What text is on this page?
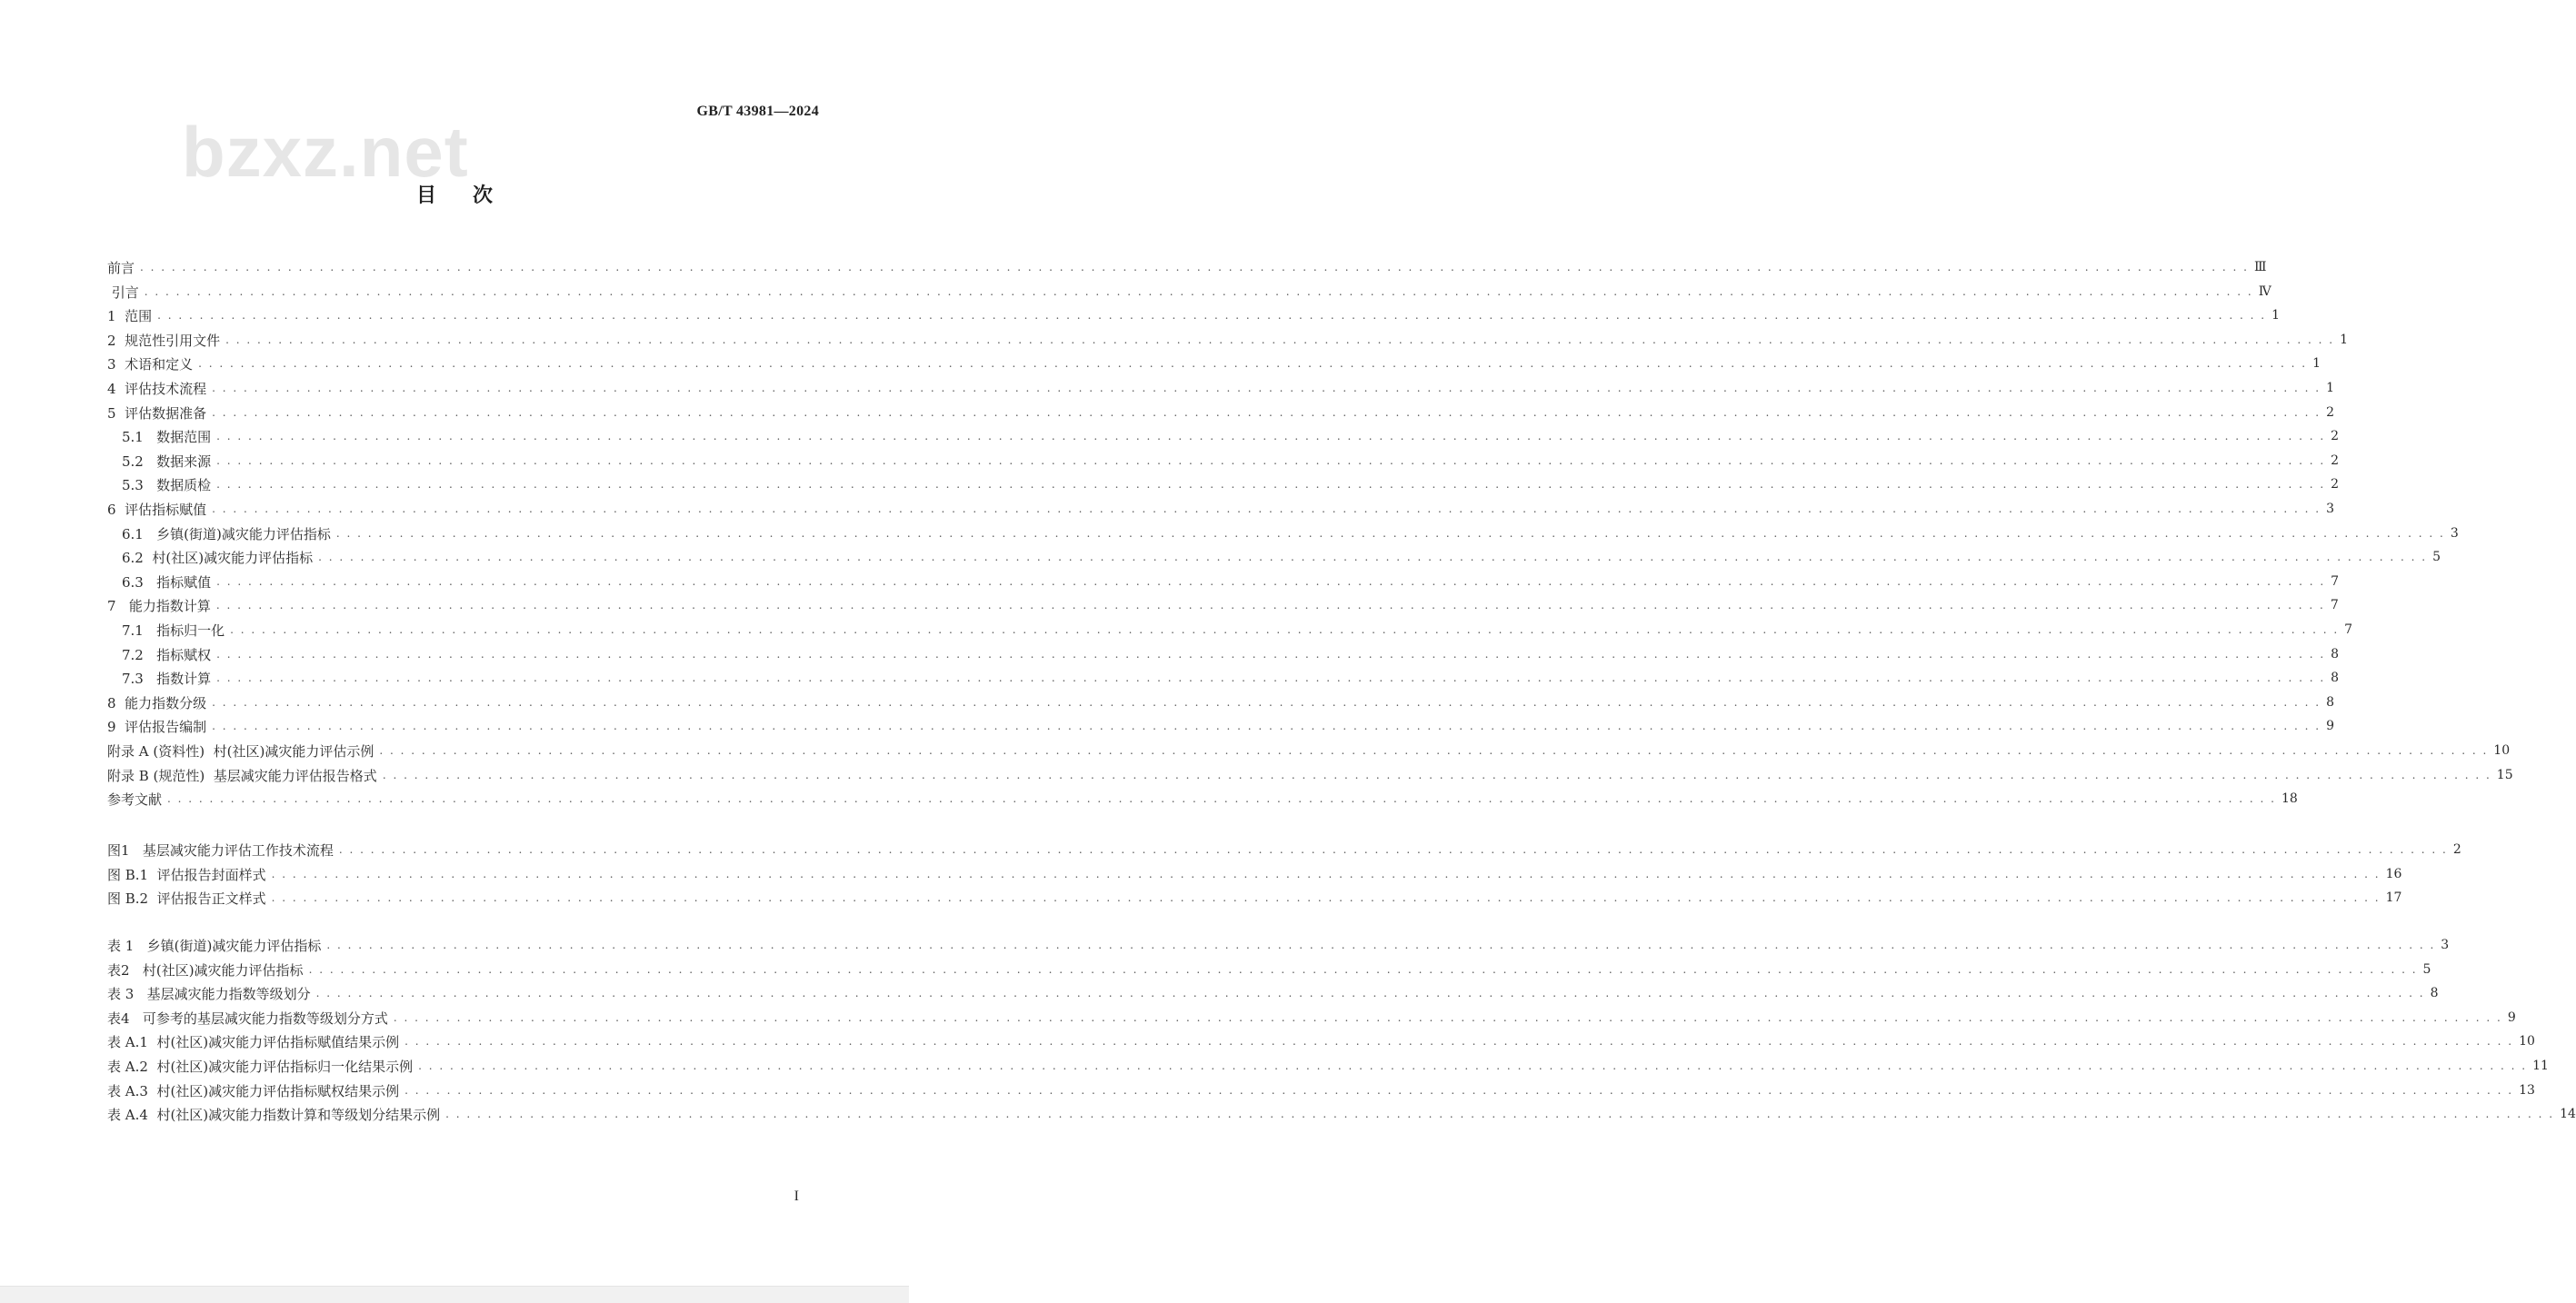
GB/T 43981—2024
bzxz.net
目次
前言 . . . . . . . . . . . . . . . . . . . . . . . . . . . . . . . . . . . . . . . . . . . . . . . . . . . . . . . . . . . . . . . . . . . . . . . . . . . . . . . . . . . . . . . . . . . . . . . . . . . . . . . . . . . . . . . . . . . . . . . . . . . . . . . . . . . . . . . . . . . . . . . . . . . . . . . . . . . . . . . . . . . . . . . . . . . . . . . . . . . . . . . . . . . . . . . . . . . . . . . . Ⅲ
引言 . . . . . . . . . . . . . . . . . . . . . . . . . . . . . . . . . . . . . . . . . . . . . . . . . . . . . . . . . . . . . . . . . . . . . . . . . . . . . . . . . . . . . . . . . . . . . . . . . . . . . . . . . . . . . . . . . . . . . . . . . . . . . . . . . . . . . . . . . . . . . . . . . . . . . . . . . . . . . . . . . . . . . . . . . . . . . . . . . . . . . . . . . . . . . . . . . . . . . . . . Ⅳ
1  范围 . . . . . . . . . . . . . . . . . . . . . . . . . . . . . . . . . . . . . . . . . . . . . . . . . . . . . . . . . . . . . . . . . . . . . . . . . . . . . . . . . . . . . . . . . . . . . . . . . . . . . . . . . . . . . . . . . . . . . . . . . . . . . . . . . . . . . . . . . . . . . . . . . . . . . . . . . . . . . . . . . . . . . . . . . . . . . . . . . . . . . . . . . . . . . . . . . . . . . . . . 1
2  规范性引用文件 . . . . . . . . . . . . . . . . . . . . . . . . . . . . . . . . . . . . . . . . . . . . . . . . . . . . . . . . . . . . . . . . . . . . . . . . . . . . . . . . . . . . . . . . . . . . . . . . . . . . . . . . . . . . . . . . . . . . . . . . . . . . . . . . . . . . . . . . . . . . . . . . . . . . . . . . . . . . . . . . . . . . . . . . . . . . . . . . . . . . . . . . . . . . . . . . . . . . . . . . 1
3  术语和定义 . . . . . . . . . . . . . . . . . . . . . . . . . . . . . . . . . . . . . . . . . . . . . . . . . . . . . . . . . . . . . . . . . . . . . . . . . . . . . . . . . . . . . . . . . . . . . . . . . . . . . . . . . . . . . . . . . . . . . . . . . . . . . . . . . . . . . . . . . . . . . . . . . . . . . . . . . . . . . . . . . . . . . . . . . . . . . . . . . . . . . . . . . . . . . . . . . . . . . . . . 1
4  评估技术流程 . . . . . . . . . . . . . . . . . . . . . . . . . . . . . . . . . . . . . . . . . . . . . . . . . . . . . . . . . . . . . . . . . . . . . . . . . . . . . . . . . . . . . . . . . . . . . . . . . . . . . . . . . . . . . . . . . . . . . . . . . . . . . . . . . . . . . . . . . . . . . . . . . . . . . . . . . . . . . . . . . . . . . . . . . . . . . . . . . . . . . . . . . . . . . . . . . . . . . . . . 1
5  评估数据准备 . . . . . . . . . . . . . . . . . . . . . . . . . . . . . . . . . . . . . . . . . . . . . . . . . . . . . . . . . . . . . . . . . . . . . . . . . . . . . . . . . . . . . . . . . . . . . . . . . . . . . . . . . . . . . . . . . . . . . . . . . . . . . . . . . . . . . . . . . . . . . . . . . . . . . . . . . . . . . . . . . . . . . . . . . . . . . . . . . . . . . . . . . . . . . . . . . . . . . . . . 2
5.1   数据范围 . . . . . . . . . . . . . . . . . . . . . . . . . . . . . . . . . . . . . . . . . . . . . . . . . . . . . . . . . . . . . . . . . . . . . . . . . . . . . . . . . . . . . . . . . . . . . . . . . . . . . . . . . . . . . . . . . . . . . . . . . . . . . . . . . . . . . . . . . . . . . . . . . . . . . . . . . . . . . . . . . . . . . . . . . . . . . . . . . . . . . . . . . . . . . . . . . . . . . . . . 2
5.2   数据来源 . . . . . . . . . . . . . . . . . . . . . . . . . . . . . . . . . . . . . . . . . . . . . . . . . . . . . . . . . . . . . . . . . . . . . . . . . . . . . . . . . . . . . . . . . . . . . . . . . . . . . . . . . . . . . . . . . . . . . . . . . . . . . . . . . . . . . . . . . . . . . . . . . . . . . . . . . . . . . . . . . . . . . . . . . . . . . . . . . . . . . . . . . . . . . . . . . . . . . . . . 2
5.3   数据质检 . . . . . . . . . . . . . . . . . . . . . . . . . . . . . . . . . . . . . . . . . . . . . . . . . . . . . . . . . . . . . . . . . . . . . . . . . . . . . . . . . . . . . . . . . . . . . . . . . . . . . . . . . . . . . . . . . . . . . . . . . . . . . . . . . . . . . . . . . . . . . . . . . . . . . . . . . . . . . . . . . . . . . . . . . . . . . . . . . . . . . . . . . . . . . . . . . . . . . . . . 2
6  评估指标赋值 . . . . . . . . . . . . . . . . . . . . . . . . . . . . . . . . . . . . . . . . . . . . . . . . . . . . . . . . . . . . . . . . . . . . . . . . . . . . . . . . . . . . . . . . . . . . . . . . . . . . . . . . . . . . . . . . . . . . . . . . . . . . . . . . . . . . . . . . . . . . . . . . . . . . . . . . . . . . . . . . . . . . . . . . . . . . . . . . . . . . . . . . . . . . . . . . . . . . . . . . 3
6.1   乡镇(街道)减灾能力评估指标 . . . . . . . . . . . . . . . . . . . . . . . . . . . . . . . . . . . . . . . . . . . . . . . . . . . . . . . . . . . . . . . . . . . . . . . . . . . . . . . . . . . . . . . . . . . . . . . . . . . . . . . . . . . . . . . . . . . . . . . . . . . . . . . . . . . . . . . . . . . . . . . . . . . . . . . . . . . . . . . . . . . . . . . . . . . . . . . . . . . . . . . . . . . . . . . . . . . . . . . . 3
6.2  村(社区)减灾能力评估指标 . . . . . . . . . . . . . . . . . . . . . . . . . . . . . . . . . . . . . . . . . . . . . . . . . . . . . . . . . . . . . . . . . . . . . . . . . . . . . . . . . . . . . . . . . . . . . . . . . . . . . . . . . . . . . . . . . . . . . . . . . . . . . . . . . . . . . . . . . . . . . . . . . . . . . . . . . . . . . . . . . . . . . . . . . . . . . . . . . . . . . . . . . . . . . . . . . . . . . . . . 5
6.3   指标赋值 . . . . . . . . . . . . . . . . . . . . . . . . . . . . . . . . . . . . . . . . . . . . . . . . . . . . . . . . . . . . . . . . . . . . . . . . . . . . . . . . . . . . . . . . . . . . . . . . . . . . . . . . . . . . . . . . . . . . . . . . . . . . . . . . . . . . . . . . . . . . . . . . . . . . . . . . . . . . . . . . . . . . . . . . . . . . . . . . . . . . . . . . . . . . . . . . . . . . . . . . 7
7   能力指数计算 . . . . . . . . . . . . . . . . . . . . . . . . . . . . . . . . . . . . . . . . . . . . . . . . . . . . . . . . . . . . . . . . . . . . . . . . . . . . . . . . . . . . . . . . . . . . . . . . . . . . . . . . . . . . . . . . . . . . . . . . . . . . . . . . . . . . . . . . . . . . . . . . . . . . . . . . . . . . . . . . . . . . . . . . . . . . . . . . . . . . . . . . . . . . . . . . . . . . . . . . 7
7.1   指标归一化 . . . . . . . . . . . . . . . . . . . . . . . . . . . . . . . . . . . . . . . . . . . . . . . . . . . . . . . . . . . . . . . . . . . . . . . . . . . . . . . . . . . . . . . . . . . . . . . . . . . . . . . . . . . . . . . . . . . . . . . . . . . . . . . . . . . . . . . . . . . . . . . . . . . . . . . . . . . . . . . . . . . . . . . . . . . . . . . . . . . . . . . . . . . . . . . . . . . . . . . . 7
7.2   指标赋权 . . . . . . . . . . . . . . . . . . . . . . . . . . . . . . . . . . . . . . . . . . . . . . . . . . . . . . . . . . . . . . . . . . . . . . . . . . . . . . . . . . . . . . . . . . . . . . . . . . . . . . . . . . . . . . . . . . . . . . . . . . . . . . . . . . . . . . . . . . . . . . . . . . . . . . . . . . . . . . . . . . . . . . . . . . . . . . . . . . . . . . . . . . . . . . . . . . . . . . . . 8
7.3   指数计算 . . . . . . . . . . . . . . . . . . . . . . . . . . . . . . . . . . . . . . . . . . . . . . . . . . . . . . . . . . . . . . . . . . . . . . . . . . . . . . . . . . . . . . . . . . . . . . . . . . . . . . . . . . . . . . . . . . . . . . . . . . . . . . . . . . . . . . . . . . . . . . . . . . . . . . . . . . . . . . . . . . . . . . . . . . . . . . . . . . . . . . . . . . . . . . . . . . . . . . . . 8
8  能力指数分级 . . . . . . . . . . . . . . . . . . . . . . . . . . . . . . . . . . . . . . . . . . . . . . . . . . . . . . . . . . . . . . . . . . . . . . . . . . . . . . . . . . . . . . . . . . . . . . . . . . . . . . . . . . . . . . . . . . . . . . . . . . . . . . . . . . . . . . . . . . . . . . . . . . . . . . . . . . . . . . . . . . . . . . . . . . . . . . . . . . . . . . . . . . . . . . . . . . . . . . . . 8
9  评估报告编制 . . . . . . . . . . . . . . . . . . . . . . . . . . . . . . . . . . . . . . . . . . . . . . . . . . . . . . . . . . . . . . . . . . . . . . . . . . . . . . . . . . . . . . . . . . . . . . . . . . . . . . . . . . . . . . . . . . . . . . . . . . . . . . . . . . . . . . . . . . . . . . . . . . . . . . . . . . . . . . . . . . . . . . . . . . . . . . . . . . . . . . . . . . . . . . . . . . . . . . . . 9
附录 A (资料性)  村(社区)减灾能力评估示例 . . . . . . . . . . . . . . . . . . . . . . . . . . . . . . . . . . . . . . . . . . . . . . . . . . . . . . . . . . . . . . . . . . . . . . . . . . . . . . . . . . . . . . . . . . . . . . . . . . . . . . . . . . . . . . . . . . . . . . . . . . . . . . . . . . . . . . . . . . . . . . . . . . . . . . . . . . . . . . . . . . . . . . . . . . . . . . . . . . . . . . . . . . . . . . . . . . . . . . . . 10
附录 B (规范性)  基层减灾能力评估报告格式 . . . . . . . . . . . . . . . . . . . . . . . . . . . . . . . . . . . . . . . . . . . . . . . . . . . . . . . . . . . . . . . . . . . . . . . . . . . . . . . . . . . . . . . . . . . . . . . . . . . . . . . . . . . . . . . . . . . . . . . . . . . . . . . . . . . . . . . . . . . . . . . . . . . . . . . . . . . . . . . . . . . . . . . . . . . . . . . . . . . . . . . . . . . . . . . . . . . . . . . . 15
参考文献 . . . . . . . . . . . . . . . . . . . . . . . . . . . . . . . . . . . . . . . . . . . . . . . . . . . . . . . . . . . . . . . . . . . . . . . . . . . . . . . . . . . . . . . . . . . . . . . . . . . . . . . . . . . . . . . . . . . . . . . . . . . . . . . . . . . . . . . . . . . . . . . . . . . . . . . . . . . . . . . . . . . . . . . . . . . . . . . . . . . . . . . . . . . . . . . . . . . . . . . . 18
图1   基层减灾能力评估工作技术流程 . . . . . . . . . . . . . . . . . . . . . . . . . . . . . . . . . . . . . . . . . . . . . . . . . . . . . . . . . . . . . . . . . . . . . . . . . . . . . . . . . . . . . . . . . . . . . . . . . . . . . . . . . . . . . . . . . . . . . . . . . . . . . . . . . . . . . . . . . . . . . . . . . . . . . . . . . . . . . . . . . . . . . . . . . . . . . . . . . . . . . . . . . . . . . . . . . . . . . . . . 2
图 B.1  评估报告封面样式 . . . . . . . . . . . . . . . . . . . . . . . . . . . . . . . . . . . . . . . . . . . . . . . . . . . . . . . . . . . . . . . . . . . . . . . . . . . . . . . . . . . . . . . . . . . . . . . . . . . . . . . . . . . . . . . . . . . . . . . . . . . . . . . . . . . . . . . . . . . . . . . . . . . . . . . . . . . . . . . . . . . . . . . . . . . . . . . . . . . . . . . . . . . . . . . . . . . . . . . . 16
图 B.2  评估报告正文样式 . . . . . . . . . . . . . . . . . . . . . . . . . . . . . . . . . . . . . . . . . . . . . . . . . . . . . . . . . . . . . . . . . . . . . . . . . . . . . . . . . . . . . . . . . . . . . . . . . . . . . . . . . . . . . . . . . . . . . . . . . . . . . . . . . . . . . . . . . . . . . . . . . . . . . . . . . . . . . . . . . . . . . . . . . . . . . . . . . . . . . . . . . . . . . . . . . . . . . . . . 17
表 1   乡镇(街道)减灾能力评估指标 . . . . . . . . . . . . . . . . . . . . . . . . . . . . . . . . . . . . . . . . . . . . . . . . . . . . . . . . . . . . . . . . . . . . . . . . . . . . . . . . . . . . . . . . . . . . . . . . . . . . . . . . . . . . . . . . . . . . . . . . . . . . . . . . . . . . . . . . . . . . . . . . . . . . . . . . . . . . . . . . . . . . . . . . . . . . . . . . . . . . . . . . . . . . . . . . . . . . . . . . 3
表2   村(社区)减灾能力评估指标 . . . . . . . . . . . . . . . . . . . . . . . . . . . . . . . . . . . . . . . . . . . . . . . . . . . . . . . . . . . . . . . . . . . . . . . . . . . . . . . . . . . . . . . . . . . . . . . . . . . . . . . . . . . . . . . . . . . . . . . . . . . . . . . . . . . . . . . . . . . . . . . . . . . . . . . . . . . . . . . . . . . . . . . . . . . . . . . . . . . . . . . . . . . . . . . . . . . . . . . . 5
表 3   基层减灾能力指数等级划分 . . . . . . . . . . . . . . . . . . . . . . . . . . . . . . . . . . . . . . . . . . . . . . . . . . . . . . . . . . . . . . . . . . . . . . . . . . . . . . . . . . . . . . . . . . . . . . . . . . . . . . . . . . . . . . . . . . . . . . . . . . . . . . . . . . . . . . . . . . . . . . . . . . . . . . . . . . . . . . . . . . . . . . . . . . . . . . . . . . . . . . . . . . . . . . . . . . . . . . . . 8
表4   可参考的基层减灾能力指数等级划分方式 . . . . . . . . . . . . . . . . . . . . . . . . . . . . . . . . . . . . . . . . . . . . . . . . . . . . . . . . . . . . . . . . . . . . . . . . . . . . . . . . . . . . . . . . . . . . . . . . . . . . . . . . . . . . . . . . . . . . . . . . . . . . . . . . . . . . . . . . . . . . . . . . . . . . . . . . . . . . . . . . . . . . . . . . . . . . . . . . . . . . . . . . . . . . . . . . . . . . . . . . 9
表 A.1  村(社区)减灾能力评估指标赋值结果示例 . . . . . . . . . . . . . . . . . . . . . . . . . . . . . . . . . . . . . . . . . . . . . . . . . . . . . . . . . . . . . . . . . . . . . . . . . . . . . . . . . . . . . . . . . . . . . . . . . . . . . . . . . . . . . . . . . . . . . . . . . . . . . . . . . . . . . . . . . . . . . . . . . . . . . . . . . . . . . . . . . . . . . . . . . . . . . . . . . . . . . . . . . . . . . . . . . . . . . . . . 10
表 A.2  村(社区)减灾能力评估指标归一化结果示例 . . . . . . . . . . . . . . . . . . . . . . . . . . . . . . . . . . . . . . . . . . . . . . . . . . . . . . . . . . . . . . . . . . . . . . . . . . . . . . . . . . . . . . . . . . . . . . . . . . . . . . . . . . . . . . . . . . . . . . . . . . . . . . . . . . . . . . . . . . . . . . . . . . . . . . . . . . . . . . . . . . . . . . . . . . . . . . . . . . . . . . . . . . . . . . . . . . . . . . . . 11
表 A.3  村(社区)减灾能力评估指标赋权结果示例 . . . . . . . . . . . . . . . . . . . . . . . . . . . . . . . . . . . . . . . . . . . . . . . . . . . . . . . . . . . . . . . . . . . . . . . . . . . . . . . . . . . . . . . . . . . . . . . . . . . . . . . . . . . . . . . . . . . . . . . . . . . . . . . . . . . . . . . . . . . . . . . . . . . . . . . . . . . . . . . . . . . . . . . . . . . . . . . . . . . . . . . . . . . . . . . . . . . . . . . . 13
表 A.4  村(社区)减灾能力指数计算和等级划分结果示例 . . . . . . . . . . . . . . . . . . . . . . . . . . . . . . . . . . . . . . . . . . . . . . . . . . . . . . . . . . . . . . . . . . . . . . . . . . . . . . . . . . . . . . . . . . . . . . . . . . . . . . . . . . . . . . . . . . . . . . . . . . . . . . . . . . . . . . . . . . . . . . . . . . . . . . . . . . . . . . . . . . . . . . . . . . . . . . . . . . . . . . . . . . . . . . . . . . . . . . . . 14
I
